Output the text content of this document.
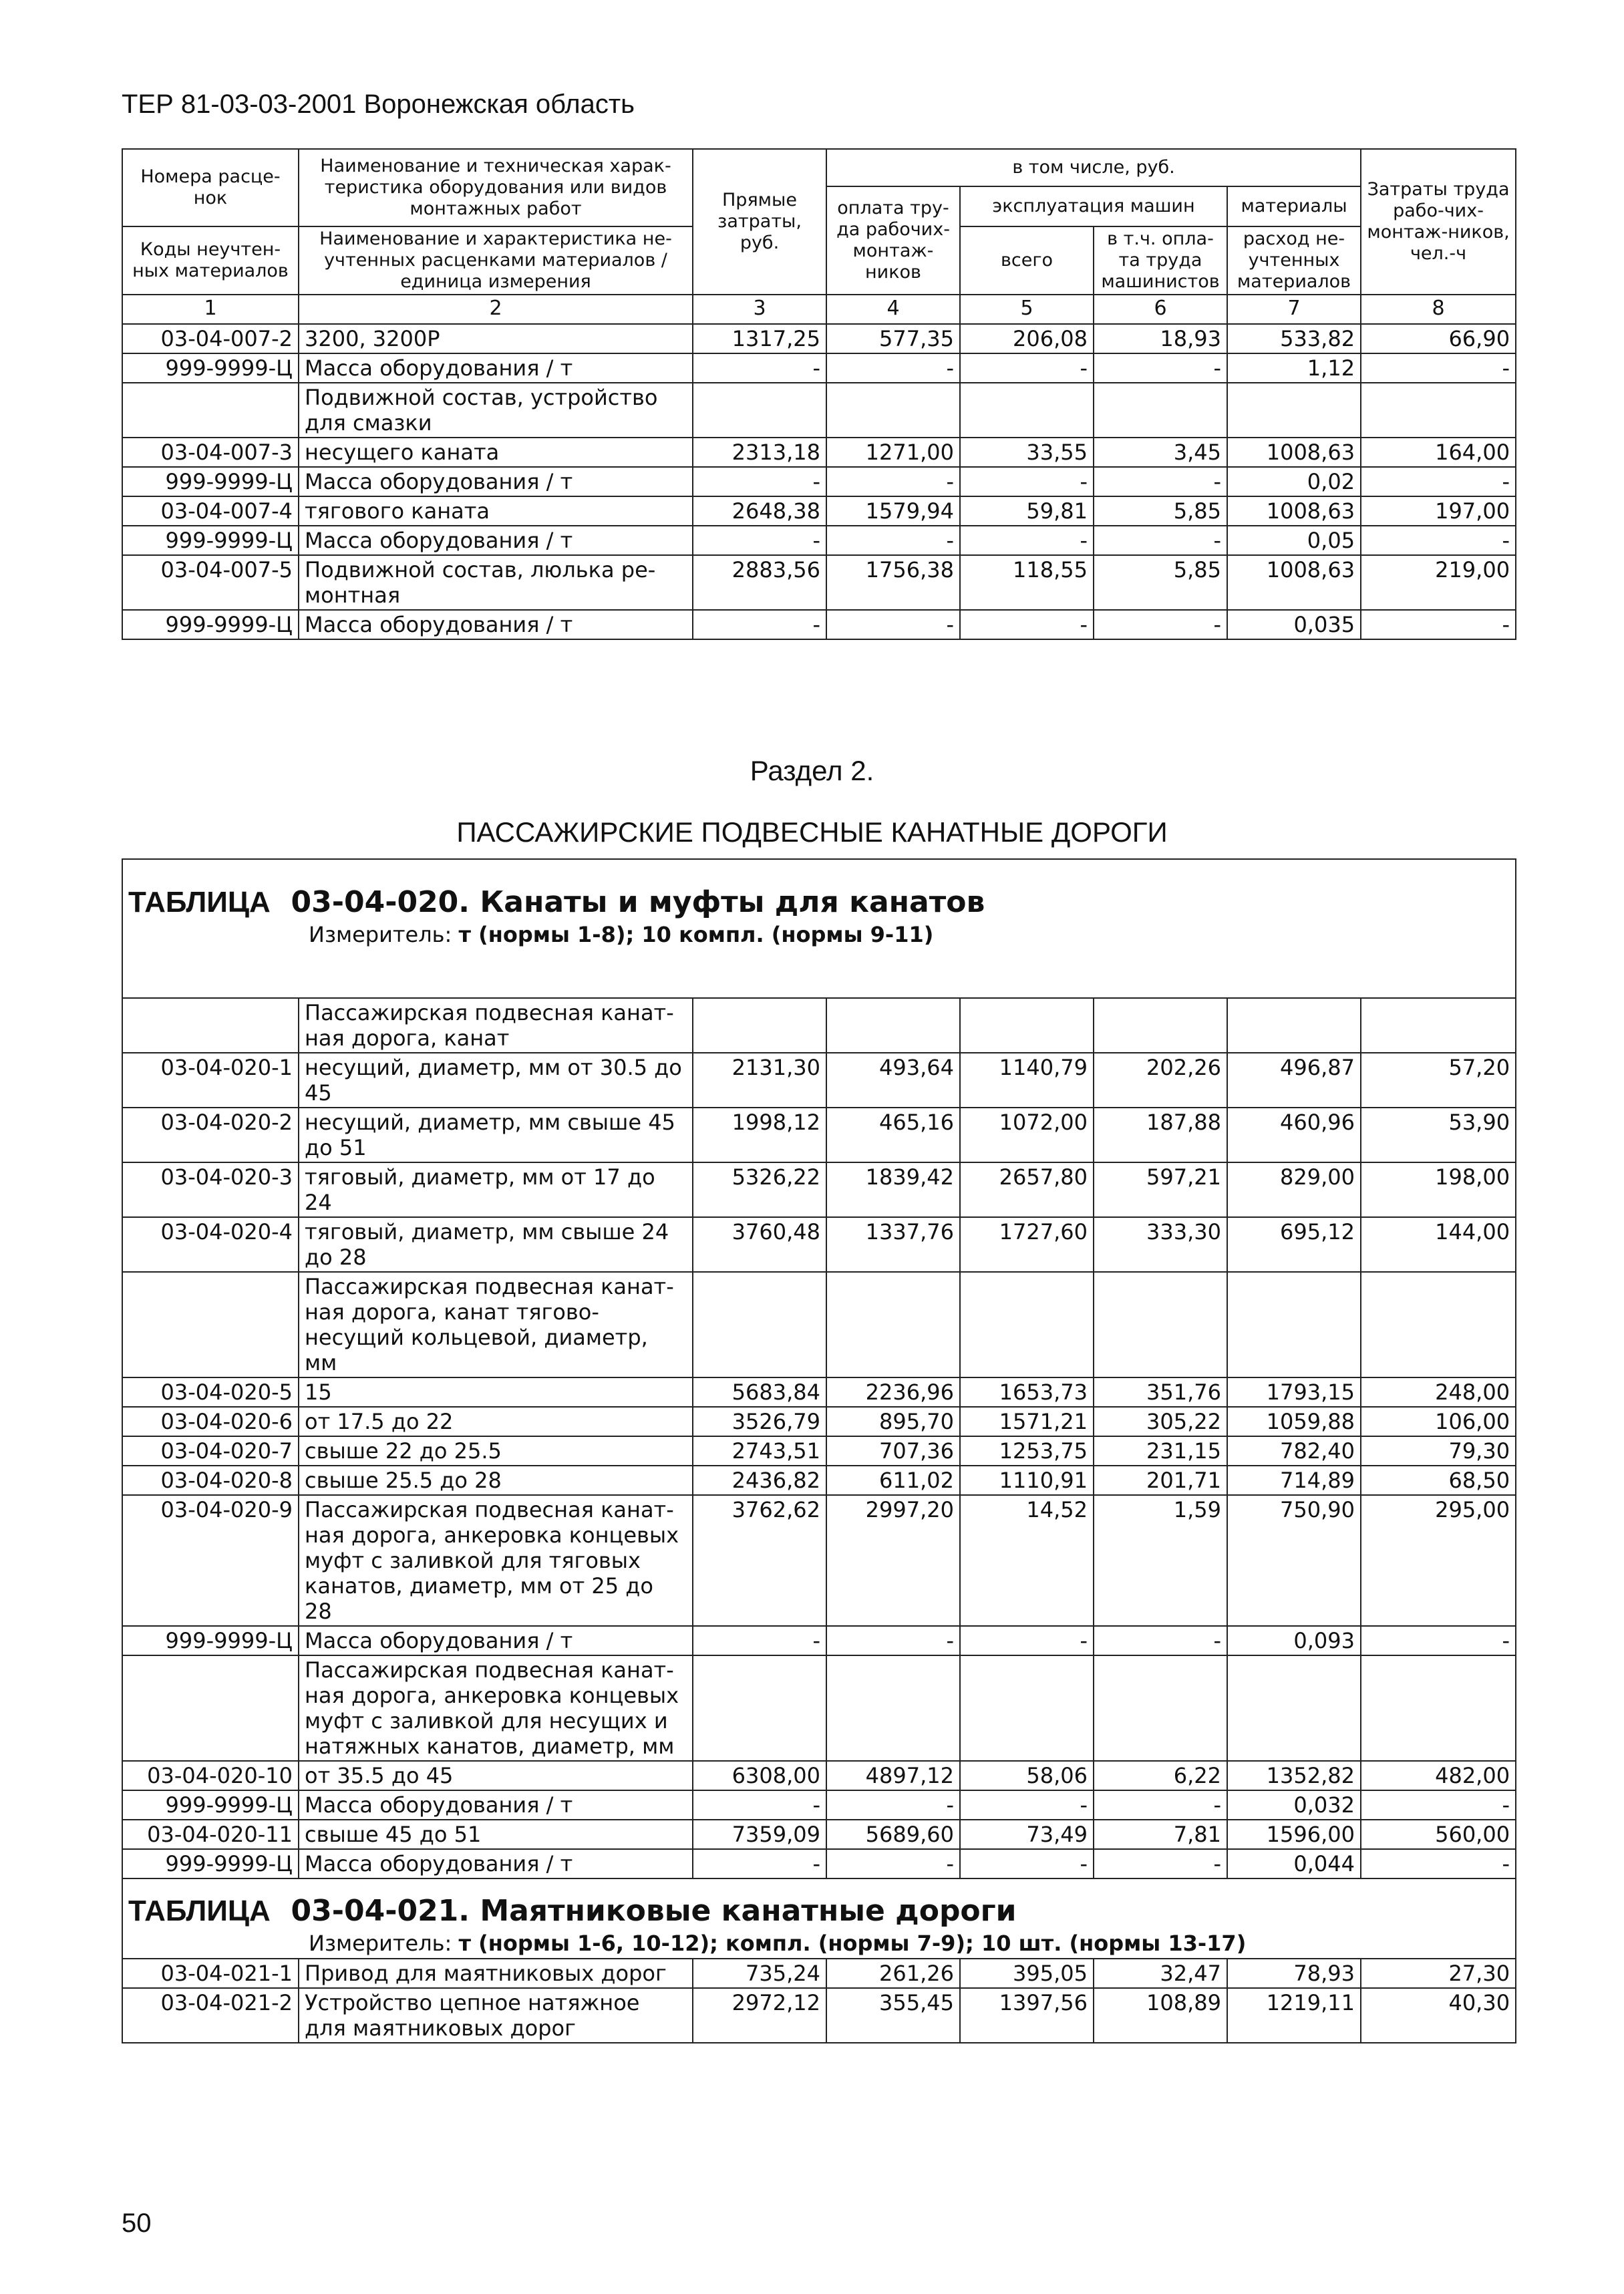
ТЕР 81-03-03-2001 Воронежская область
Номера расце-нок	Наименование и техническая харак-теристика оборудования или видов монтажных работ	Прямые затраты, руб.	в том числе, руб.				Затраты труда рабо-чих-монтаж-ников, чел.-ч
			оплата тру-да рабочих-монтаж-ников	эксплуатация машин		материалы	
Коды неучтен-ных материалов	Наименование и характеристика не-учтенных расценками материалов / единица измерения			всего	в т.ч. опла-та труда машинистов	расход не-учтенных материалов	

1	2	3	4	5	6	7	8
03-04-007-2	3200, 3200Р	1317,25	577,35	206,08	18,93	533,82	66,90
999-9999-Ц	Масса оборудования / т	-	-	-	-	1,12	-
	Подвижной состав, устройство для смазки						
03-04-007-3	несущего каната	2313,18	1271,00	33,55	3,45	1008,63	164,00
999-9999-Ц	Масса оборудования / т	-	-	-	-	0,02	-
03-04-007-4	тягового каната	2648,38	1579,94	59,81	5,85	1008,63	197,00
999-9999-Ц	Масса оборудования / т	-	-	-	-	0,05	-
03-04-007-5	Подвижной состав, люлька ре-монтная	2883,56	1756,38	118,55	5,85	1008,63	219,00
999-9999-Ц	Масса оборудования / т	-	-	-	-	0,035	-
Раздел 2.
ПАССАЖИРСКИЕ ПОДВЕСНЫЕ КАНАТНЫЕ ДОРОГИ
ТАБЛИЦА 03-04-020. Канаты и муфты для канатов
Измеритель: т (нормы 1-8); 10 компл. (нормы 9-11)							

	Пассажирская подвесная канат-ная дорога, канат						
03-04-020-1	несущий, диаметр, мм от 30.5 до 45	2131,30	493,64	1140,79	202,26	496,87	57,20
03-04-020-2	несущий, диаметр, мм свыше 45 до 51	1998,12	465,16	1072,00	187,88	460,96	53,90
03-04-020-3	тяговый, диаметр, мм от 17 до 24	5326,22	1839,42	2657,80	597,21	829,00	198,00
03-04-020-4	тяговый, диаметр, мм свыше 24 до 28	3760,48	1337,76	1727,60	333,30	695,12	144,00
	Пассажирская подвесная канат-ная дорога, канат тягово-несущий кольцевой, диаметр, мм						
03-04-020-5	15	5683,84	2236,96	1653,73	351,76	1793,15	248,00
03-04-020-6	от 17.5 до 22	3526,79	895,70	1571,21	305,22	1059,88	106,00
03-04-020-7	свыше 22 до 25.5	2743,51	707,36	1253,75	231,15	782,40	79,30
03-04-020-8	свыше 25.5 до 28	2436,82	611,02	1110,91	201,71	714,89	68,50
03-04-020-9	Пассажирская подвесная канат-ная дорога, анкеровка концевых муфт с заливкой для тяговых канатов, диаметр, мм от 25 до 28	3762,62	2997,20	14,52	1,59	750,90	295,00
999-9999-Ц	Масса оборудования / т	-	-	-	-	0,093	-
	Пассажирская подвесная канат-ная дорога, анкеровка концевых муфт с заливкой для несущих и натяжных канатов, диаметр, мм						
03-04-020-10	от 35.5 до 45	6308,00	4897,12	58,06	6,22	1352,82	482,00
999-9999-Ц	Масса оборудования / т	-	-	-	-	0,032	-
03-04-020-11	свыше 45 до 51	7359,09	5689,60	73,49	7,81	1596,00	560,00
999-9999-Ц	Масса оборудования / т	-	-	-	-	0,044	-

ТАБЛИЦА 03-04-021. Маятниковые канатные дороги
Измеритель: т (нормы 1-6, 10-12); компл. (нормы 7-9); 10 шт. (нормы 13-17)							

03-04-021-1	Привод для маятниковых дорог	735,24	261,26	395,05	32,47	78,93	27,30
03-04-021-2	Устройство цепное натяжное для маятниковых дорог	2972,12	355,45	1397,56	108,89	1219,11	40,30
50
